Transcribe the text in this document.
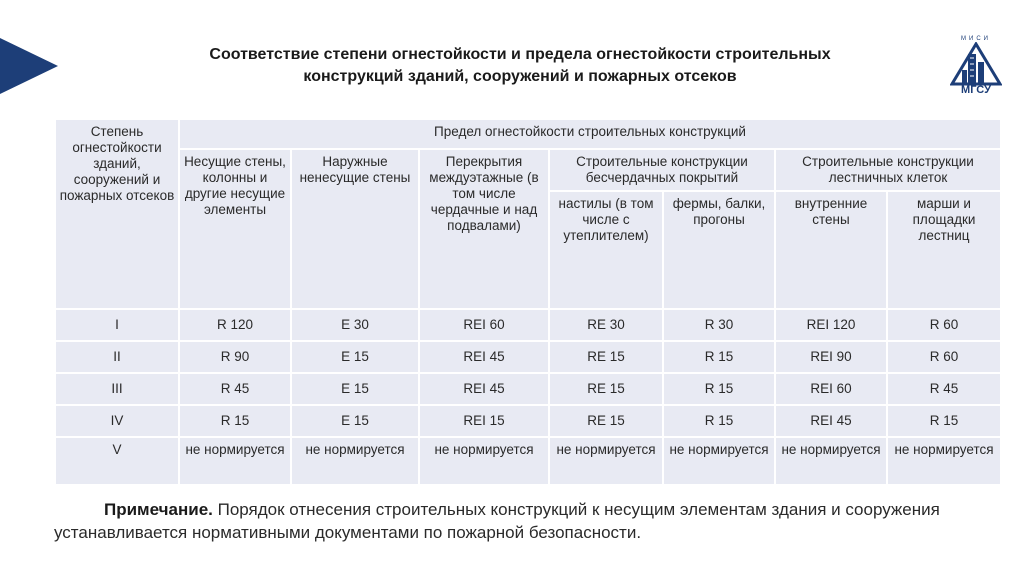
Соответствие степени огнестойкости и предела огнестойкости строительных
конструкций зданий, сооружений и пожарных отсеков
МИСИ
МГСУ
Степень огнестойкости зданий, сооружений и пожарных отсеков	Предел огнестойкости строительных конструкций						
	Несущие стены, колонны и другие несущие элементы	Наружные ненесущие стены	Перекрытия междуэтажные (в том числе чердачные и над подвалами)	Строительные конструкции бесчердачных покрытий		Строительные конструкции лестничных клеток	
				настилы (в том числе с утеплителем)	фермы, балки, прогоны	внутренние стены	марши и площадки лестниц
I	R 120	E 30	REI 60	RE 30	R 30	REI 120	R 60
II	R 90	E 15	REI 45	RE 15	R 15	REI 90	R 60
III	R 45	E 15	REI 45	RE 15	R 15	REI 60	R 45
IV	R 15	E 15	REI 15	RE 15	R 15	REI 45	R 15
V	не нормируется	не нормируется	не нормируется	не нормируется	не нормируется	не нормируется	не нормируется
Примечание. Порядок отнесения строительных конструкций к несущим элементам здания и сооружения устанавливается нормативными документами по пожарной безопасности.
